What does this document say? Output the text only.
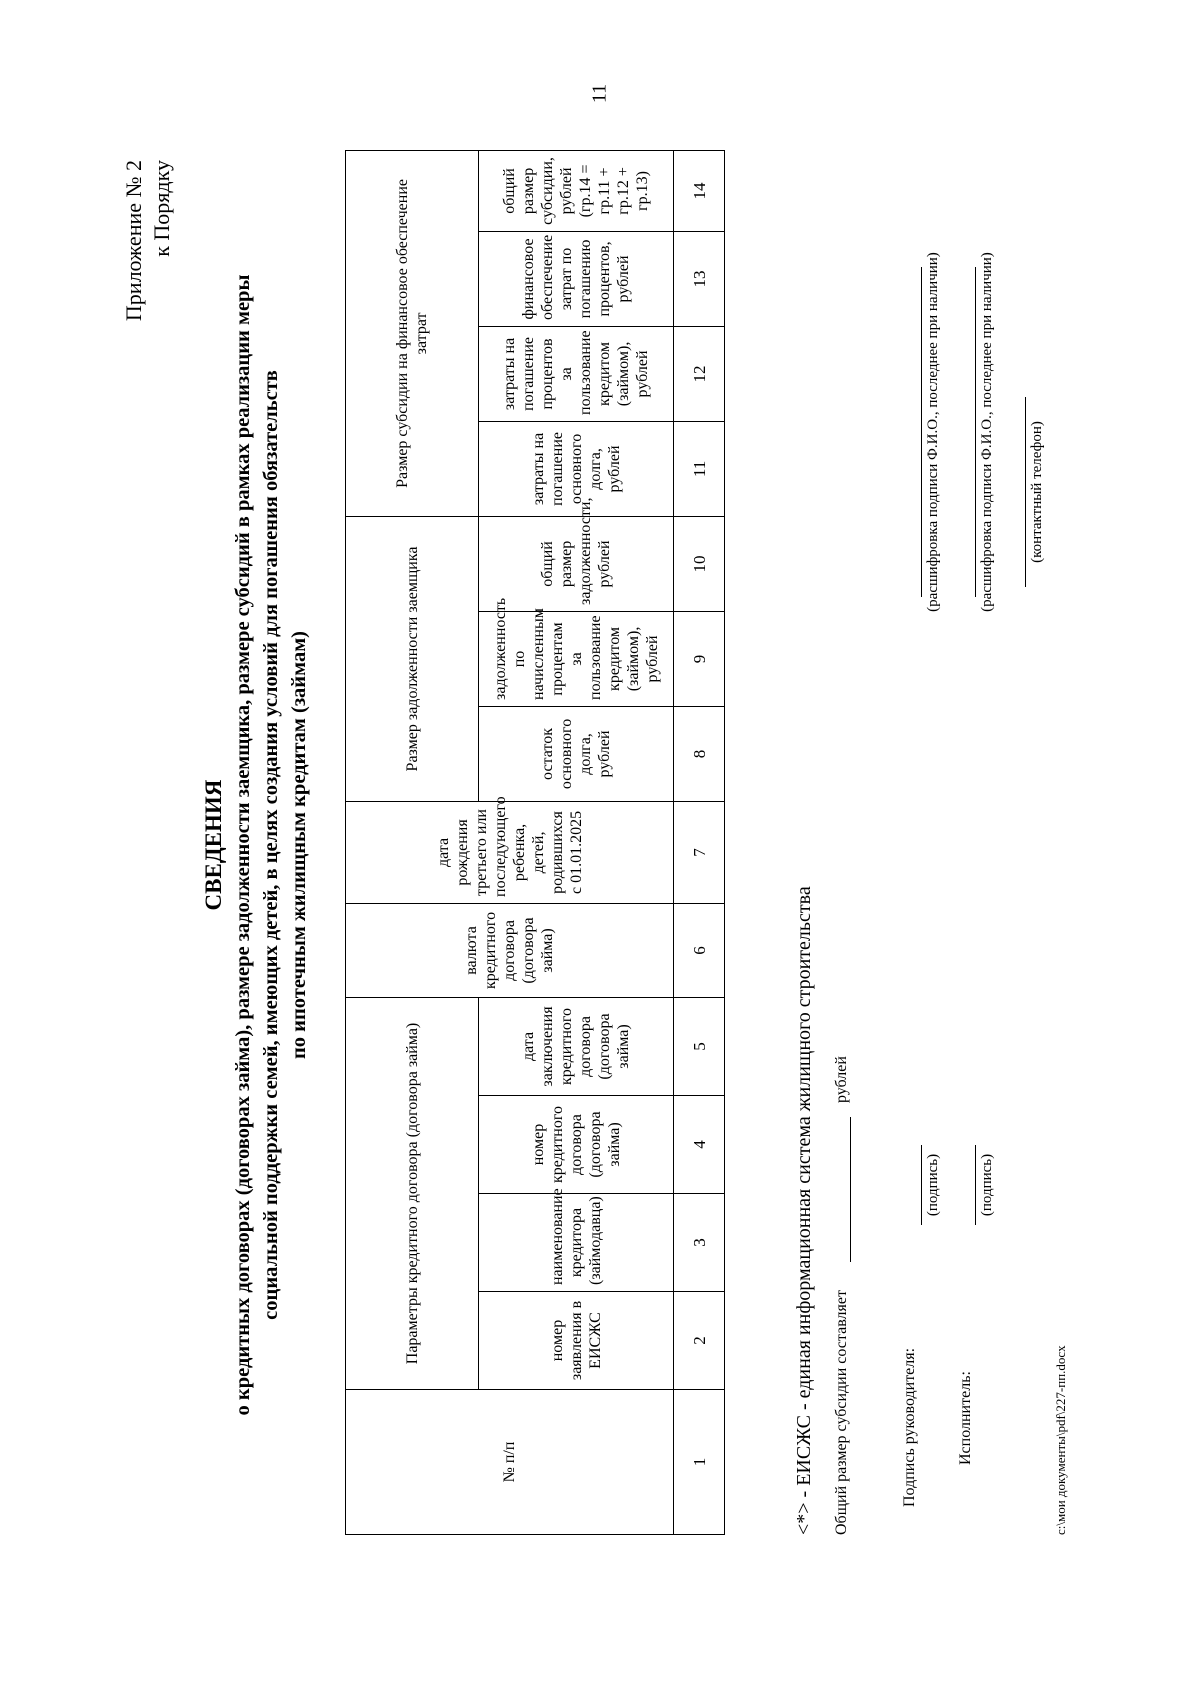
11
Приложение № 2 к Порядку
СВЕДЕНИЯ о кредитных договорах (договорах займа), размере задолженности заемщика, размере субсидий в рамках реализации меры социальной поддержки семей, имеющих детей, в целях создания условий для погашения обязательств по ипотечным жилищным кредитам (займам)
№ п/п	Параметры кредитного договора (договора займа)				валюта кредитного договора (договора займа)	дата рождения третьего или последующего ребенка, детей, родившихся с 01.01.2025	Размер задолженности заемщика			Размер субсидии на финансовое обеспечение затрат			
	номер заявления в ЕИСЖС	наименование кредитора (займодавца)	номер кредитного договора (договора займа)	дата заключения кредитного договора (договора займа)			остаток основного долга, рублей	задолженность по начисленным процентам за пользование кредитом (займом), рублей	общий размер задолженности, рублей	затраты на погашение основного долга, рублей	затраты на погашение процентов за пользование кредитом (займом), рублей	финансовое обеспечение затрат по погашению процентов, рублей	общий размер субсидии, рублей (гр.14 = гр.11 + гр.12 + гр.13)
1	2	3	4	5	6	7	8	9	10	11	12	13	14
<*> - ЕИСЖС - единая информационная система жилищного строительства Общий размер субсидии составляетрублей
Подпись руководителя:
(подпись)
(расшифровка подписи Ф.И.О., последнее при наличии)
Исполнитель:
(подпись)
(расшифровка подписи Ф.И.О., последнее при наличии) (контактный телефон)
c:\мои документы\pdf\227-пп.docx
